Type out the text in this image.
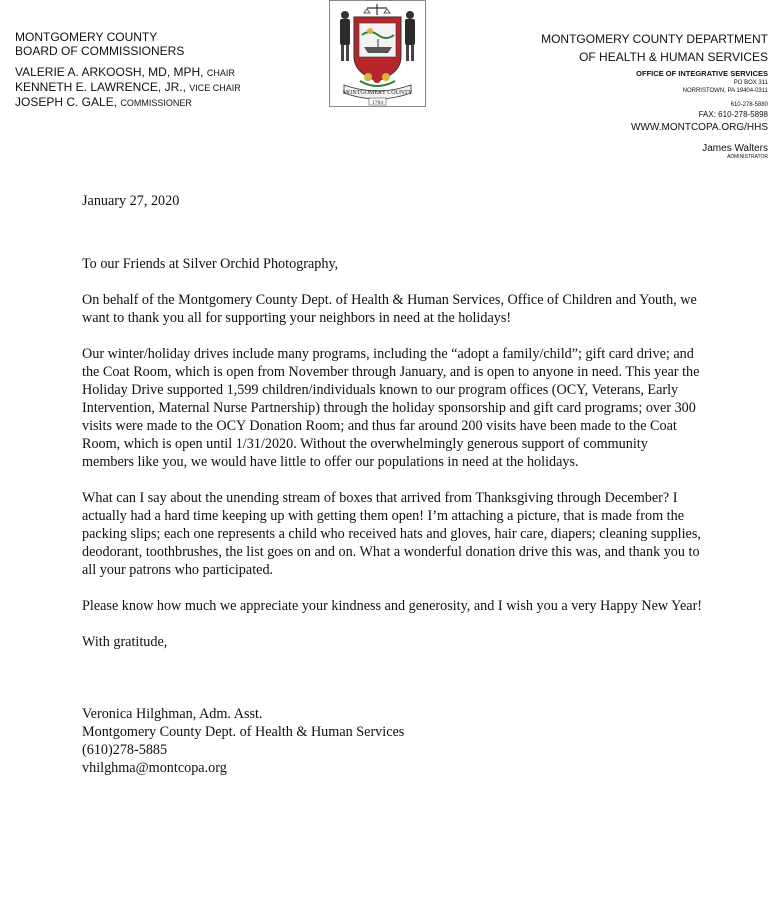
MONTGOMERY COUNTY
BOARD OF COMMISSIONERS
VALERIE A. ARKOOSH, MD, MPH, CHAIR
KENNETH E. LAWRENCE, JR., VICE CHAIR
JOSEPH C. GALE, COMMISSIONER
MONTGOMERY COUNTY
1784
MONTGOMERY COUNTY DEPARTMENT
OF HEALTH & HUMAN SERVICES
OFFICE OF INTEGRATIVE SERVICES
PO BOX 311
NORRISTOWN, PA 19404-0311
610-278-5880
FAX: 610-278-5898
WWW.MONTCOPA.ORG/HHS
James Walters
ADMINISTRATOR

January 27, 2020

To our Friends at Silver Orchid Photography,

On behalf of the Montgomery County Dept. of Health & Human Services, Office of Children and Youth, we want to thank you all for supporting your neighbors in need at the holidays!

Our winter/holiday drives include many programs, including the “adopt a family/child”; gift card drive; and the Coat Room, which is open from November through January, and is open to anyone in need. This year the Holiday Drive supported 1,599 children/individuals known to our program offices (OCY, Veterans, Early Intervention, Maternal Nurse Partnership) through the holiday sponsorship and gift card programs; over 300 visits were made to the OCY Donation Room; and thus far around 200 visits have been made to the Coat Room, which is open until 1/31/2020. Without the overwhelmingly generous support of community members like you, we would have little to offer our populations in need at the holidays.

What can I say about the unending stream of boxes that arrived from Thanksgiving through December? I actually had a hard time keeping up with getting them open! I’m attaching a picture, that is made from the packing slips; each one represents a child who received hats and gloves, hair care, diapers; cleaning supplies, deodorant, toothbrushes, the list goes on and on. What a wonderful donation drive this was, and thank you to all your patrons who participated.

Please know how much we appreciate your kindness and generosity, and I wish you a very Happy New Year!

With gratitude,

Veronica Hilghman, Adm. Asst.
Montgomery County Dept. of Health & Human Services
(610)278-5885
vhilghma@montcopa.org
